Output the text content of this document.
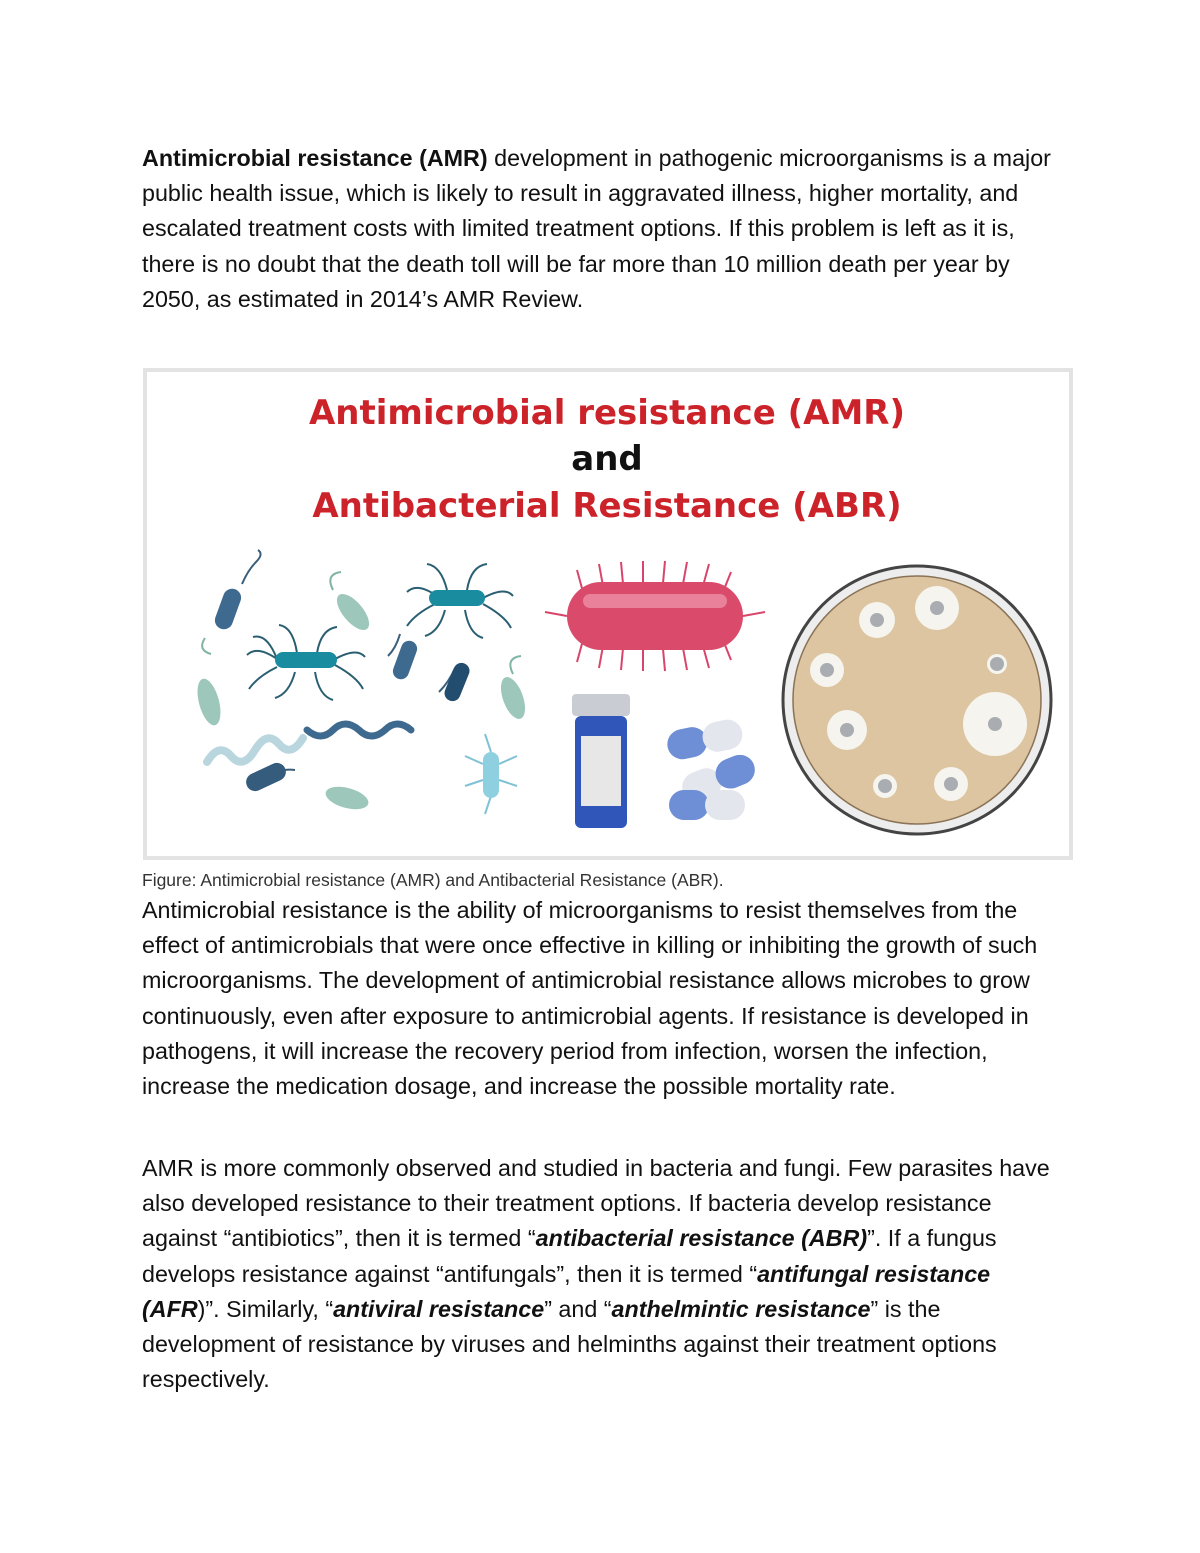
Antimicrobial resistance (AMR) development in pathogenic microorganisms is a major public health issue, which is likely to result in aggravated illness, higher mortality, and escalated treatment costs with limited treatment options. If this problem is left as it is, there is no doubt that the death toll will be far more than 10 million death per year by 2050, as estimated in 2014’s AMR Review.

Antimicrobial resistance (AMR)
and
Antibacterial Resistance (ABR)

Figure: Antimicrobial resistance (AMR) and Antibacterial Resistance (ABR).

Antimicrobial resistance is the ability of microorganisms to resist themselves from the effect of antimicrobials that were once effective in killing or inhibiting the growth of such microorganisms. The development of antimicrobial resistance allows microbes to grow continuously, even after exposure to antimicrobial agents. If resistance is developed in pathogens, it will increase the recovery period from infection, worsen the infection, increase the medication dosage, and increase the possible mortality rate.

AMR is more commonly observed and studied in bacteria and fungi. Few parasites have also developed resistance to their treatment options. If bacteria develop resistance against “antibiotics”, then it is termed “antibacterial resistance (ABR)”. If a fungus develops resistance against “antifungals”, then it is termed “antifungal resistance (AFR)”. Similarly, “antiviral resistance” and “anthelmintic resistance” is the development of resistance by viruses and helminths against their treatment options respectively.
